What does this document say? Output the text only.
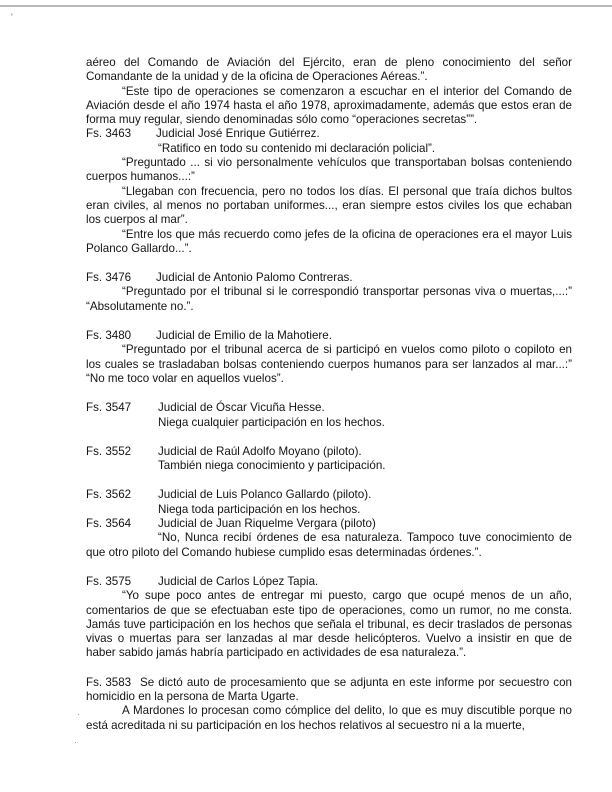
'
·
·

aéreo del Comando de Aviación del Ejército, eran de pleno conocimiento del señor Comandante de la unidad y de la oficina de Operaciones Aéreas.”.

“Este tipo de operaciones se comenzaron a escuchar en el interior del Comando de Aviación desde el año 1974 hasta el año 1978, aproximadamente, además que estos eran de forma muy regular, siendo denominadas sólo como “operaciones secretas””.

Fs. 3463	Judicial José Enrique Gutiérrez.
“Ratifico en todo su contenido mi declaración policial”.

“Preguntado ... si vio personalmente vehículos que transportaban bolsas conteniendo cuerpos humanos...:”

“Llegaban con frecuencia, pero no todos los días. El personal que traía dichos bultos eran civiles, al menos no portaban uniformes..., eran siempre estos civiles los que echaban los cuerpos al mar”.

“Entre los que más recuerdo como jefes de la oficina de operaciones era el mayor Luis Polanco Gallardo...”.

Fs. 3476	Judicial de Antonio Palomo Contreras.

“Preguntado por el tribunal si le correspondió transportar personas viva o muertas,...:” “Absolutamente no.”.

Fs. 3480	Judicial de Emilio de la Mahotiere.

“Preguntado por el tribunal acerca de si participó en vuelos como piloto o copiloto en los cuales se trasladaban bolsas conteniendo cuerpos humanos para ser lanzados al mar...:” “No me toco volar en aquellos vuelos”.

Fs. 3547	Judicial de Óscar Vicuña Hesse.
Niega cualquier participación en los hechos.
Fs. 3552	Judicial de Raúl Adolfo Moyano (piloto).
También niega conocimiento y participación.
Fs. 3562	Judicial de Luis Polanco Gallardo (piloto).
Niega toda participación en los hechos.
Fs. 3564	Judicial de Juan Riquelme Vergara (piloto)

“No, Nunca recibí órdenes de esa naturaleza. Tampoco tuve conocimiento de que otro piloto del Comando hubiese cumplido esas determinadas órdenes.”.

Fs. 3575	Judicial de Carlos López Tapia.

“Yo supe poco antes de entregar mi puesto, cargo que ocupé menos de un año, comentarios de que se efectuaban este tipo de operaciones, como un rumor, no me consta. Jamás tuve participación en los hechos que señala el tribunal, es decir traslados de personas vivas o muertas para ser lanzadas al mar desde helicópteros. Vuelvo a insistir en que de haber sabido jamás habría participado en actividades de esa naturaleza.”.

Fs. 3583 Se dictó auto de procesamiento que se adjunta en este informe por secuestro con homicidio en la persona de Marta Ugarte.

A Mardones lo procesan como cómplice del delito, lo que es muy discutible porque no está acreditada ni su participación en los hechos relativos al secuestro ni a la muerte,
